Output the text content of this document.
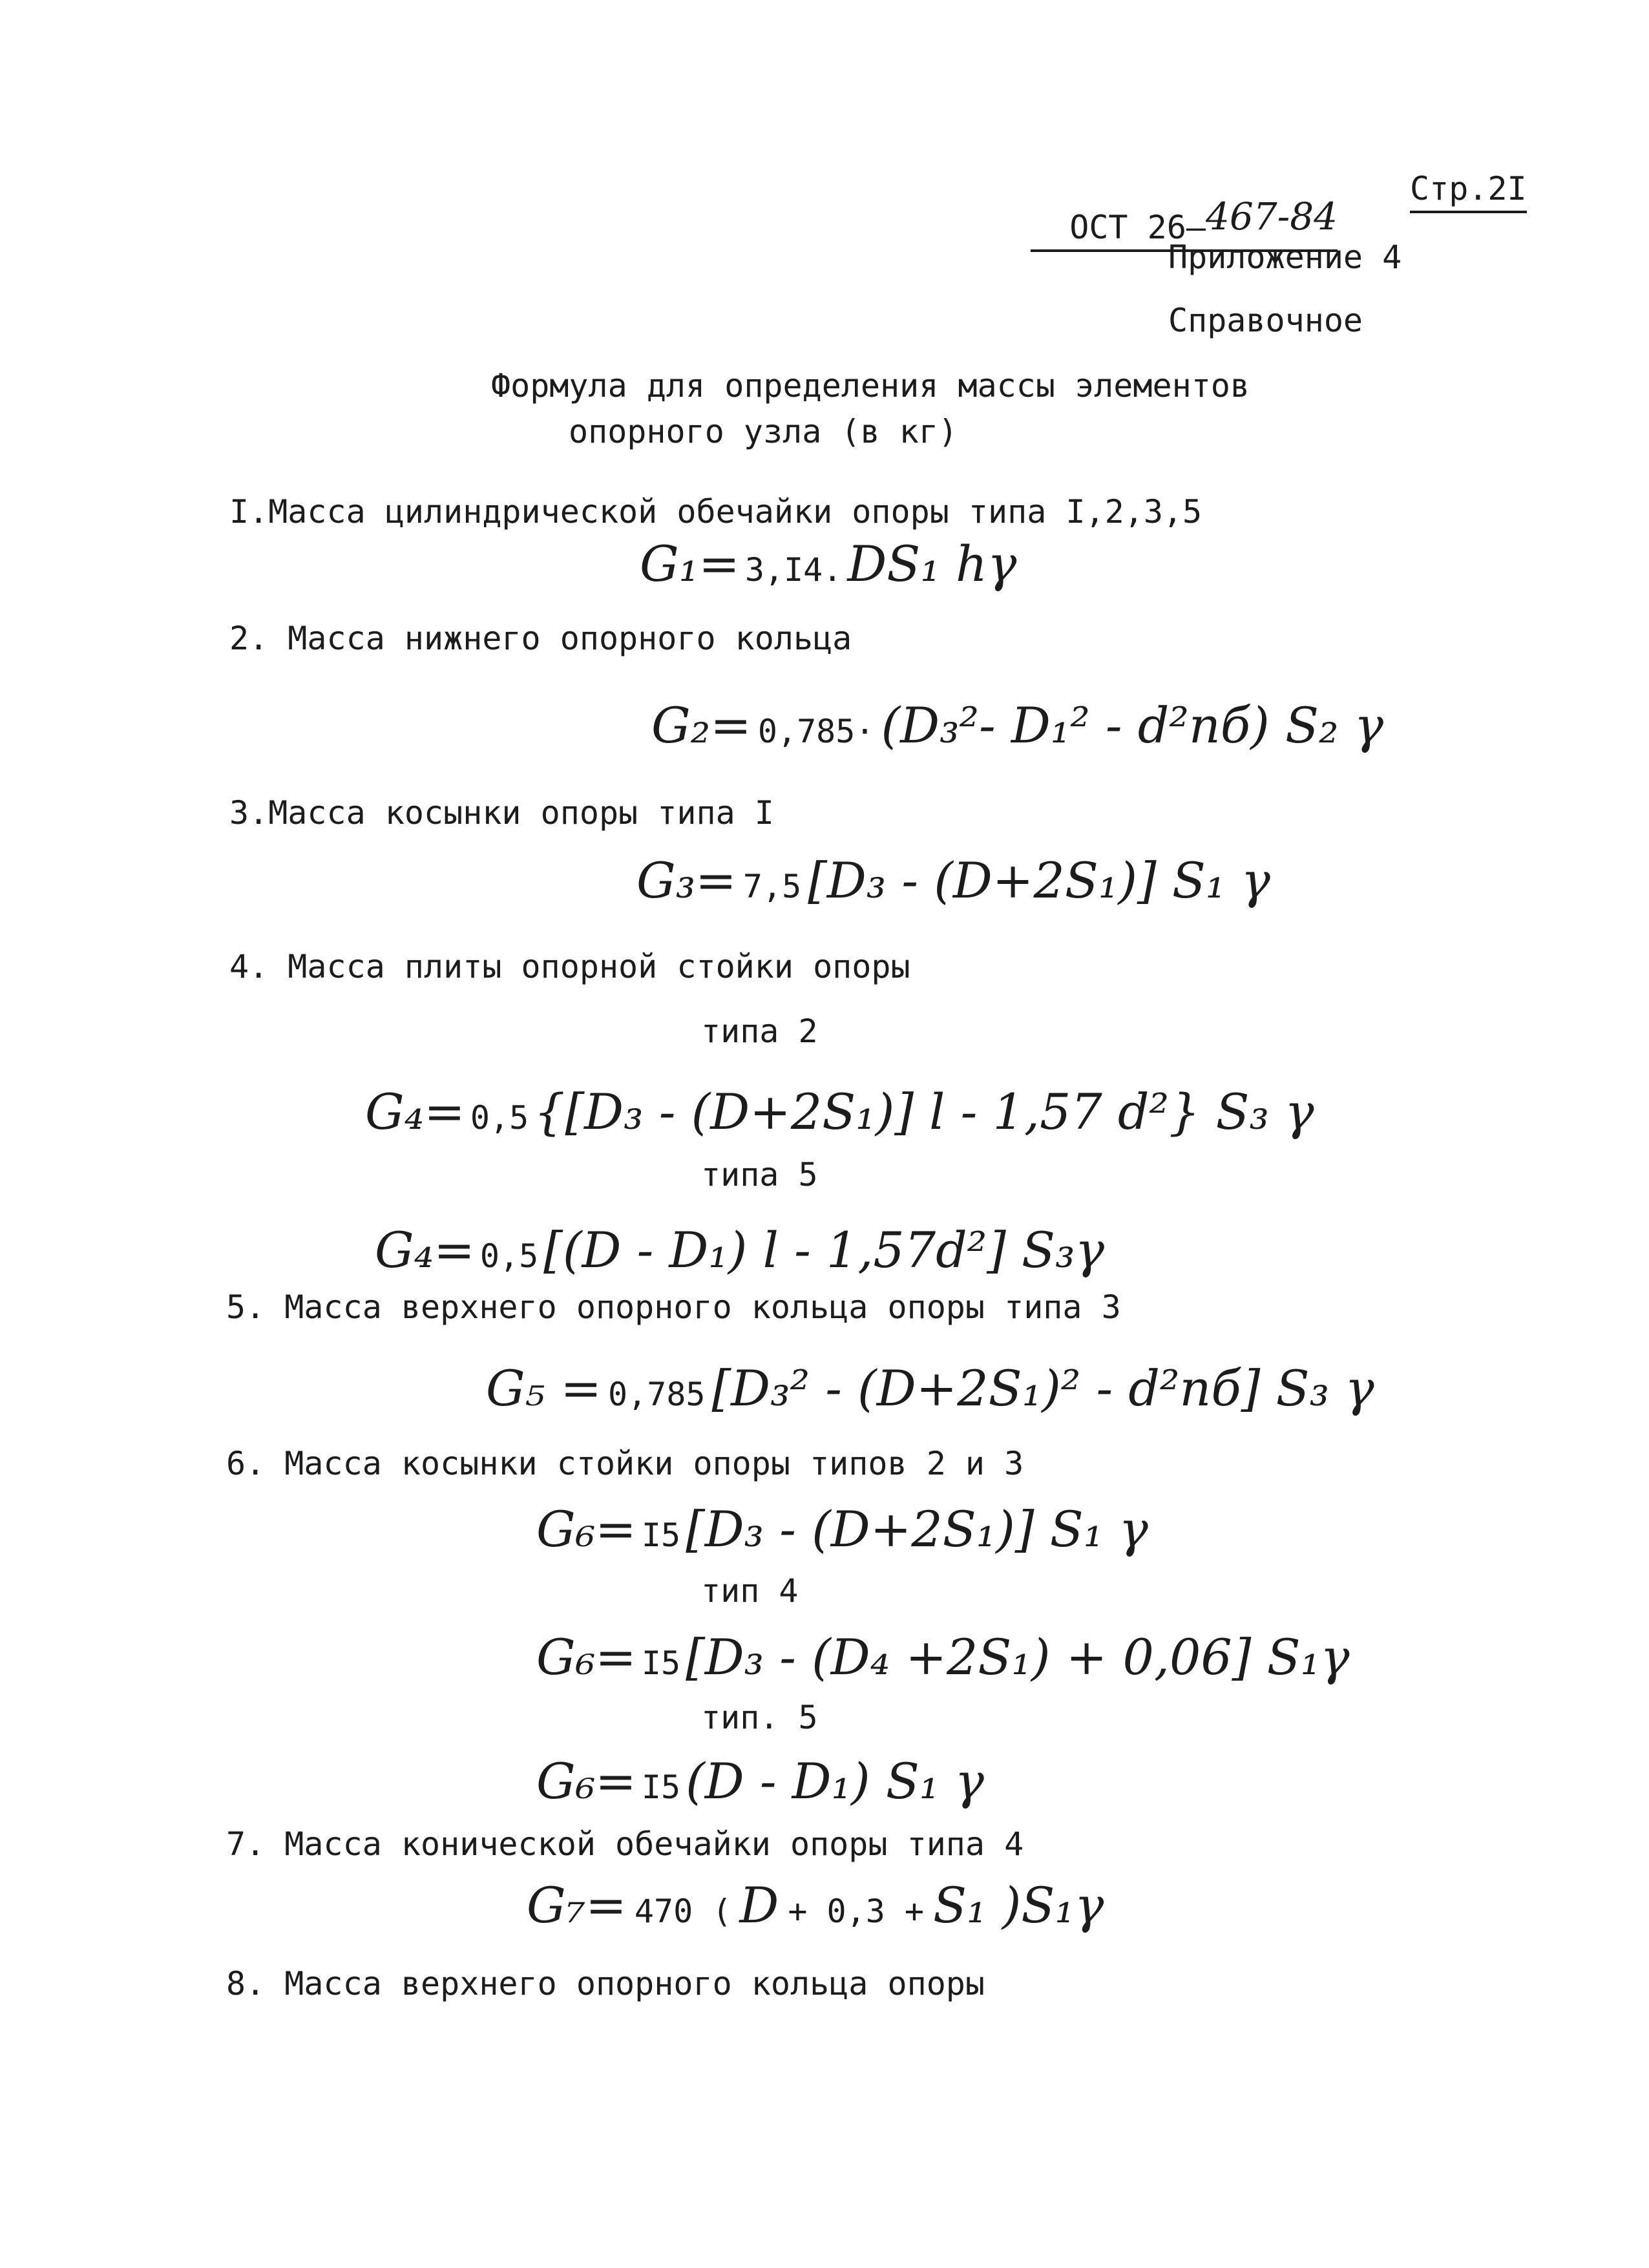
ОСТ 26–467-84

Стр.2I
Приложение 4
Справочное
Формула для определения массы элементов
опорного узла (в кг)
I.Масса цилиндрической обечайки опоры типа I,2,3,5
G₁= 3,I4. DS₁ hγ
2. Масса нижнего опорного кольца
G₂= 0,785· (D₃²- D₁² - d²nб) S₂ γ
3.Масса косынки опоры типа I
G₃= 7,5 [D₃ - (D+2S₁)] S₁ γ
4. Масса плиты опорной стойки опоры
типа 2
G₄= 0,5 {[D₃ - (D+2S₁)] l - 1,57 d²} S₃ γ
типа 5
G₄= 0,5 [(D - D₁) l - 1,57d²] S₃γ
5. Масса верхнего опорного кольца опоры типа 3
G₅ = 0,785 [D₃² - (D+2S₁)² - d²nб] S₃ γ
6. Масса косынки стойки опоры типов 2 и 3
G₆= I5 [D₃ - (D+2S₁)] S₁ γ
тип 4
G₆= I5 [D₃ - (D₄ +2S₁) + 0,06] S₁γ
тип. 5
G₆= I5 (D - D₁) S₁ γ
7. Масса конической обечайки опоры типа 4
G₇= 470 ( D + 0,3 + S₁ )S₁γ
8. Масса верхнего опорного кольца опоры
